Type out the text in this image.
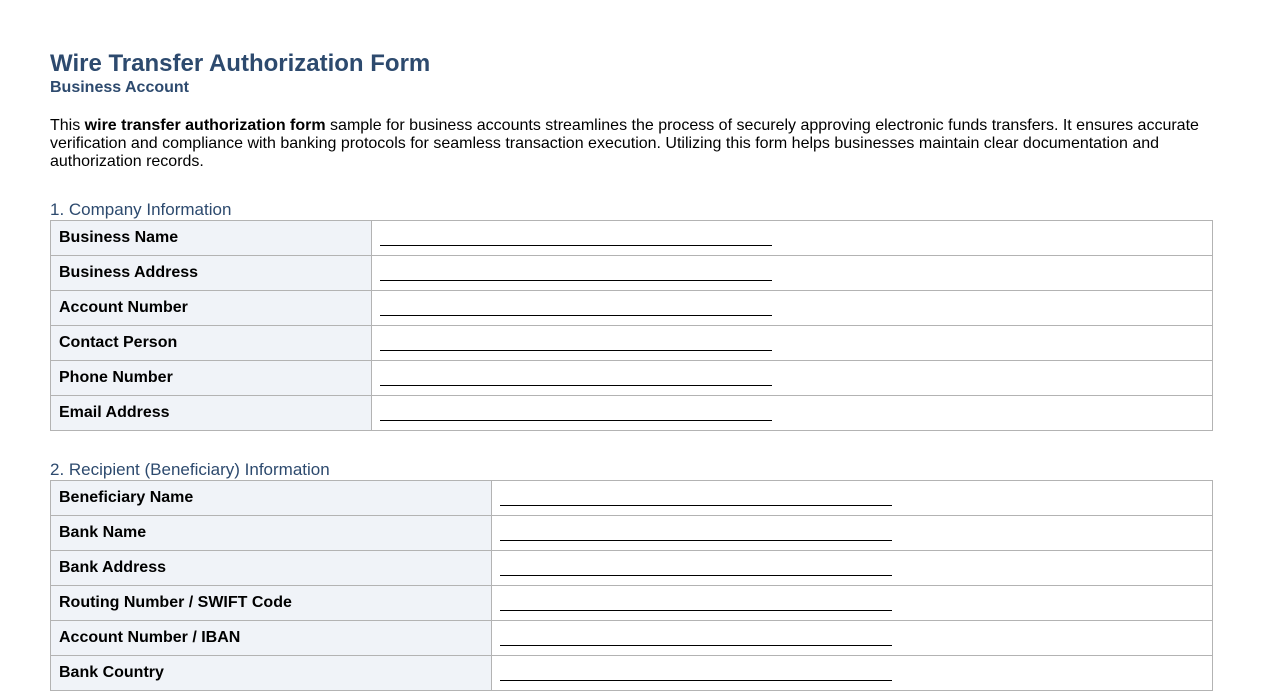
Wire Transfer Authorization Form
Business Account

This wire transfer authorization form sample for business accounts streamlines the process of securely approving electronic funds transfers. It ensures accurate verification and compliance with banking protocols for seamless transaction execution. Utilizing this form helps businesses maintain clear documentation and authorization records.

1. Company Information
Business Name	

Business Address	

Account Number	

Contact Person	

Phone Number	

Email Address	
2. Recipient (Beneficiary) Information
Beneficiary Name	

Bank Name	

Bank Address	

Routing Number / SWIFT Code	

Account Number / IBAN	

Bank Country	
